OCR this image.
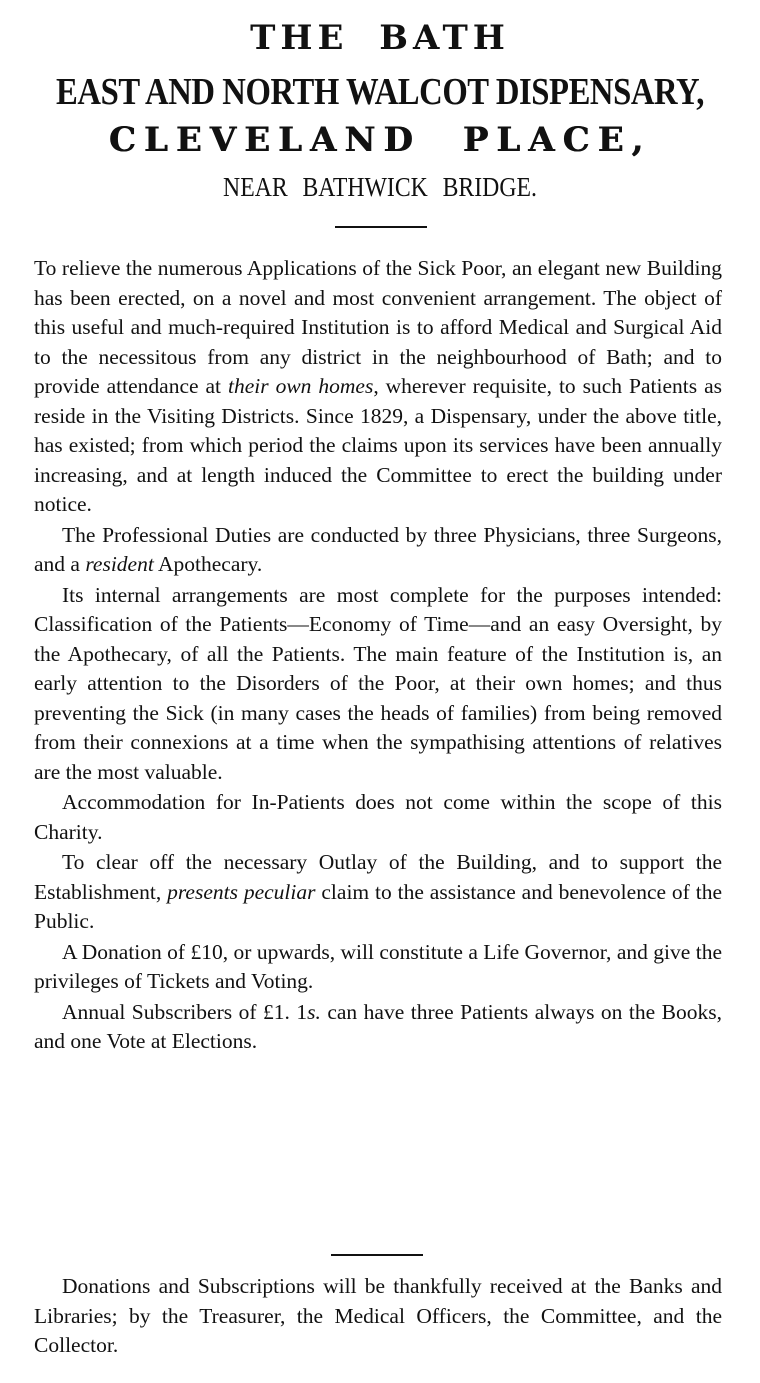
THE BATH
EAST AND NORTH WALCOT DISPENSARY,
CLEVELAND PLACE,
NEAR BATHWICK BRIDGE.

To relieve the numerous Applications of the Sick Poor, an elegant new Building has been erected, on a novel and most convenient arrangement. The object of this useful and much-required Institution is to afford Medical and Surgical Aid to the necessitous from any district in the neighbourhood of Bath; and to provide attendance at their own homes, wherever requisite, to such Patients as reside in the Visiting Districts. Since 1829, a Dispensary, under the above title, has existed; from which period the claims upon its services have been annually increasing, and at length induced the Committee to erect the building under notice.

The Professional Duties are conducted by three Physicians, three Surgeons, and a resident Apothecary.

Its internal arrangements are most complete for the purposes intended: Classification of the Patients—Economy of Time—and an easy Oversight, by the Apothecary, of all the Patients. The main feature of the Institution is, an early attention to the Disorders of the Poor, at their own homes; and thus preventing the Sick (in many cases the heads of families) from being removed from their connexions at a time when the sympathising attentions of relatives are the most valuable.

Accommodation for In-Patients does not come within the scope of this Charity.

To clear off the necessary Outlay of the Building, and to support the Establishment, presents peculiar claim to the assistance and benevolence of the Public.

A Donation of £10, or upwards, will constitute a Life Governor, and give the privileges of Tickets and Voting.

Annual Subscribers of £1. 1s. can have three Patients always on the Books, and one Vote at Elections.

Donations and Subscriptions will be thankfully received at the Banks and Libraries; by the Treasurer, the Medical Officers, the Committee, and the Collector.
